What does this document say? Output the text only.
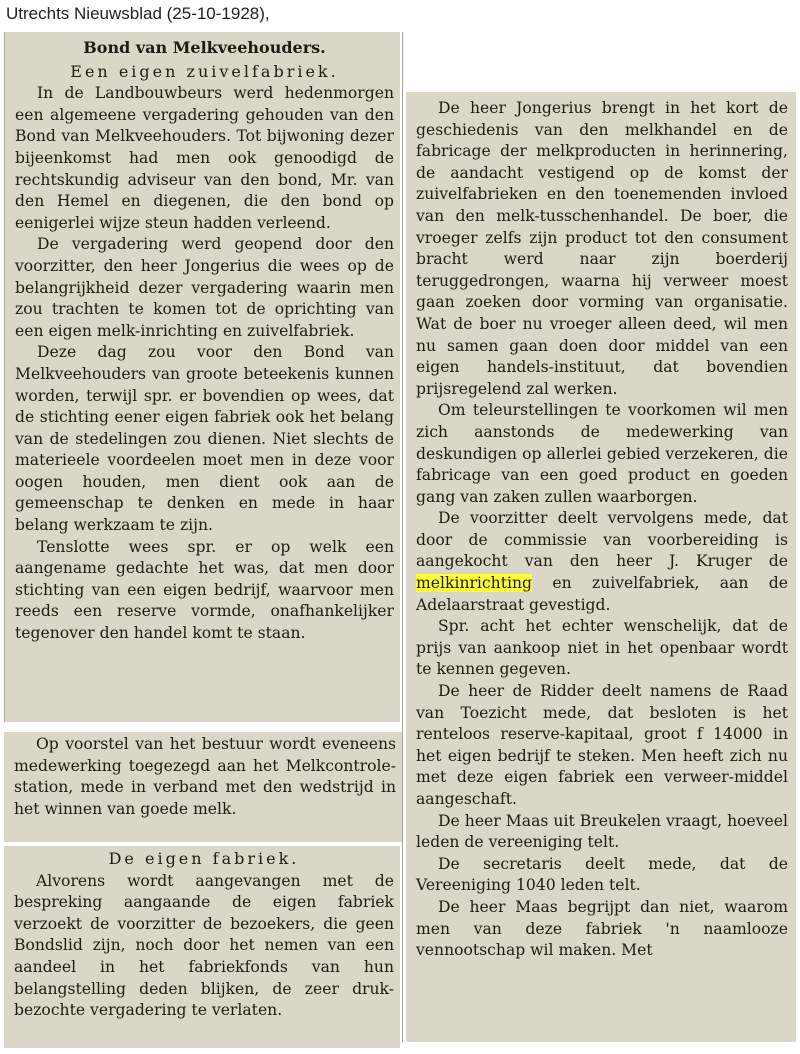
Utrechts Nieuwsblad (25-10-1928),
Bond van Melkveehouders.
Een eigen zuivelfabriek.

In de Landbouwbeurs werd hedenmorgen een algemeene vergadering gehouden van den Bond van Melkveehouders. Tot bijwoning dezer bijeenkomst had men ook genoodigd de rechtskundig adviseur van den bond, Mr. van den Hemel en diegenen, die den bond op eenigerlei wijze steun hadden verleend.

De vergadering werd geopend door den voorzitter, den heer Jongerius die wees op de belangrijkheid dezer vergadering waarin men zou trachten te komen tot de oprichting van een eigen melk-inrichting en zuivelfabriek.

Deze dag zou voor den Bond van Melkveehouders van groote beteekenis kunnen worden, terwijl spr. er bovendien op wees, dat de stichting eener eigen fabriek ook het belang van de stedelingen zou dienen. Niet slechts de materieele voordeelen moet men in deze voor oogen houden, men dient ook aan de gemeenschap te denken en mede in haar belang werkzaam te zijn.

Tenslotte wees spr. er op welk een aangename gedachte het was, dat men door stichting van een eigen bedrijf, waarvoor men reeds een reserve vormde, onafhankelijker tegenover den handel komt te staan.

Op voorstel van het bestuur wordt eveneens medewerking toegezegd aan het Melkcontrole-station, mede in verband met den wedstrijd in het winnen van goede melk.

De eigen fabriek.

Alvorens wordt aangevangen met de bespreking aangaande de eigen fabriek verzoekt de voorzitter de bezoekers, die geen Bondslid zijn, noch door het nemen van een aandeel in het fabriekfonds van hun belangstelling deden blijken, de zeer druk-bezochte vergadering te verlaten.

De heer Jongerius brengt in het kort de geschiedenis van den melkhandel en de fabricage der melkproducten in herinnering, de aandacht vestigend op de komst der zuivelfabrieken en den toenemenden invloed van den melk-tusschenhandel. De boer, die vroeger zelfs zijn product tot den consument bracht werd naar zijn boerderij teruggedrongen, waarna hij verweer moest gaan zoeken door vorming van organisatie. Wat de boer nu vroeger alleen deed, wil men nu samen gaan doen door middel van een eigen handels-instituut, dat bovendien prijsregelend zal werken.

Om teleurstellingen te voorkomen wil men zich aanstonds de medewerking van deskundigen op allerlei gebied verzekeren, die fabricage van een goed product en goeden gang van zaken zullen waarborgen.

De voorzitter deelt vervolgens mede, dat door de commissie van voorbereiding is aangekocht van den heer J. Kruger de melkinrichting en zuivelfabriek, aan de Adelaarstraat gevestigd.

Spr. acht het echter wenschelijk, dat de prijs van aankoop niet in het openbaar wordt te kennen gegeven.

De heer de Ridder deelt namens de Raad van Toezicht mede, dat besloten is het renteloos reserve-kapitaal, groot f 14000 in het eigen bedrijf te steken. Men heeft zich nu met deze eigen fabriek een verweer-middel aangeschaft.

De heer Maas uit Breukelen vraagt, hoeveel leden de vereeniging telt.

De secretaris deelt mede, dat de Vereeniging 1040 leden telt.

De heer Maas begrijpt dan niet, waarom men van deze fabriek 'n naamlooze vennootschap wil maken. Met
